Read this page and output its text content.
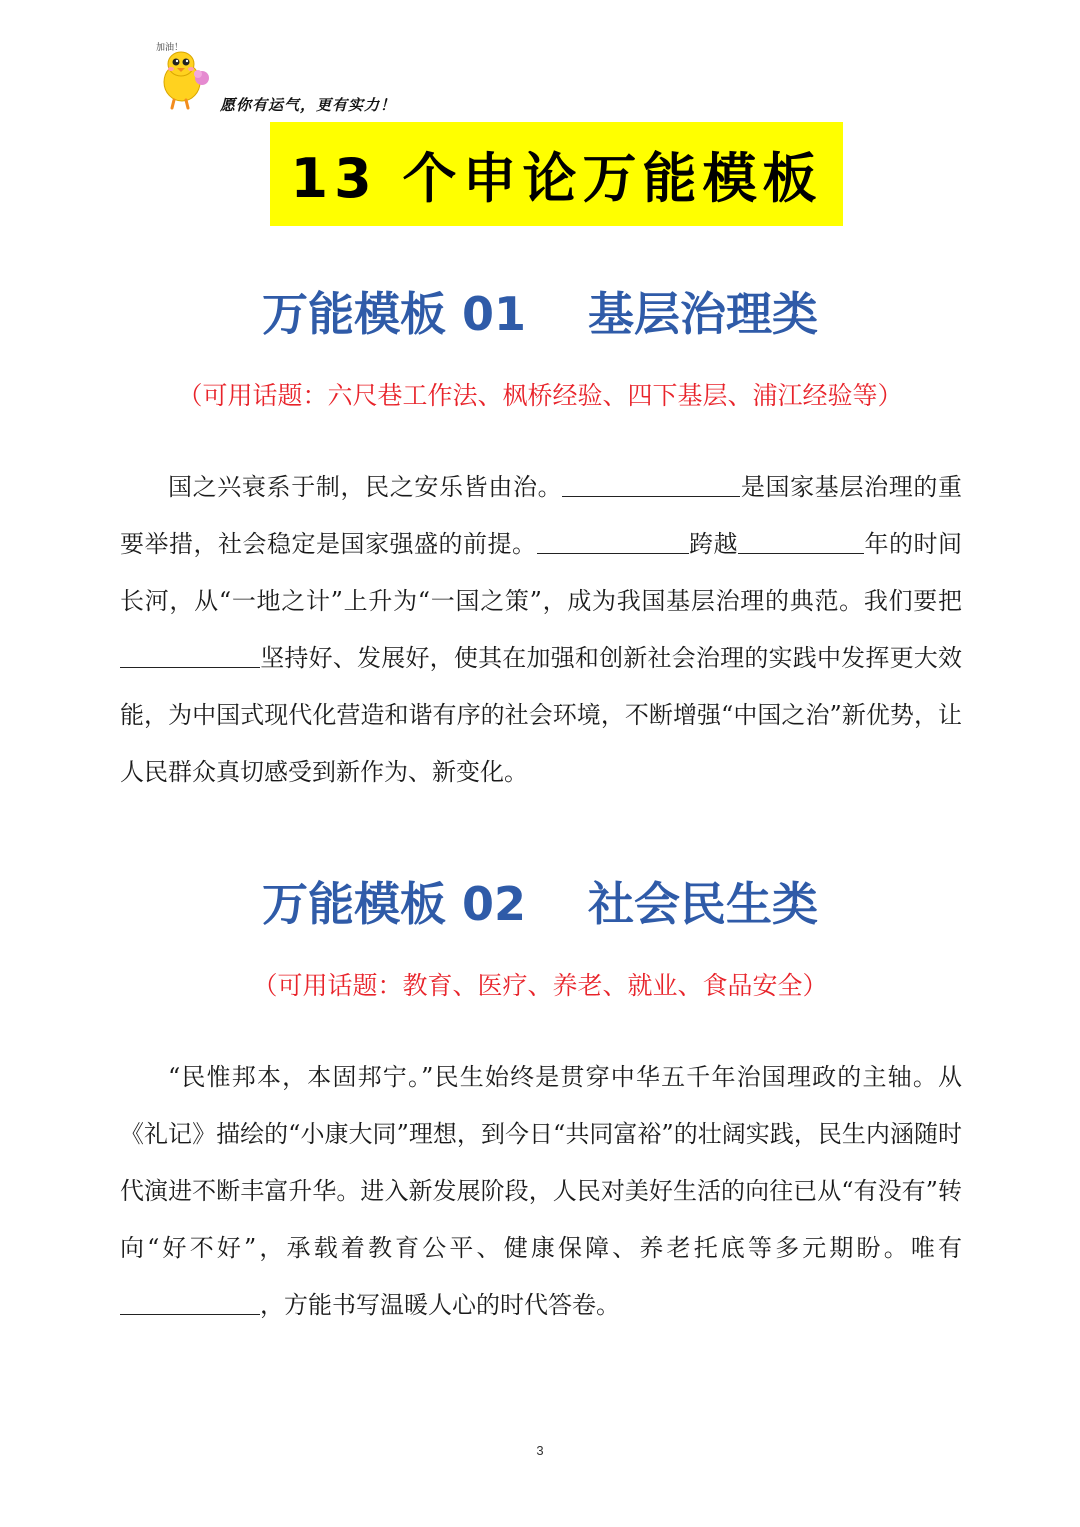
加油！
愿你有运气，更有实力！
13 个申论万能模板
万能模板 01　 基层治理类
（可用话题：六尺巷工作法、枫桥经验、四下基层、浦江经验等）

国之兴衰系于制，民之安乐皆由治。	是国家基层治理的重要举措，社会稳定是国家强盛的前提。	跨越	年的时间长河，从“一地之计”上升为“一国之策”，成为我国基层治理的典范。我们要把坚持好、发展好，使其在加强和创新社会治理的实践中发挥更大效能，为中国式现代化营造和谐有序的社会环境，不断增强“中国之治”新优势，让人民群众真切感受到新作为、新变化。

万能模板 02　 社会民生类
（可用话题：教育、医疗、养老、就业、食品安全）

“民惟邦本，本固邦宁。”民生始终是贯穿中华五千年治国理政的主轴。从《礼记》描绘的“小康大同”理想，到今日“共同富裕”的壮阔实践，民生内涵随时代演进不断丰富升华。进入新发展阶段，人民对美好生活的向往已从“有没有”转向“好不好”，承载着教育公平、健康保障、养老托底等多元期盼。唯有，方能书写温暖人心的时代答卷。

3
